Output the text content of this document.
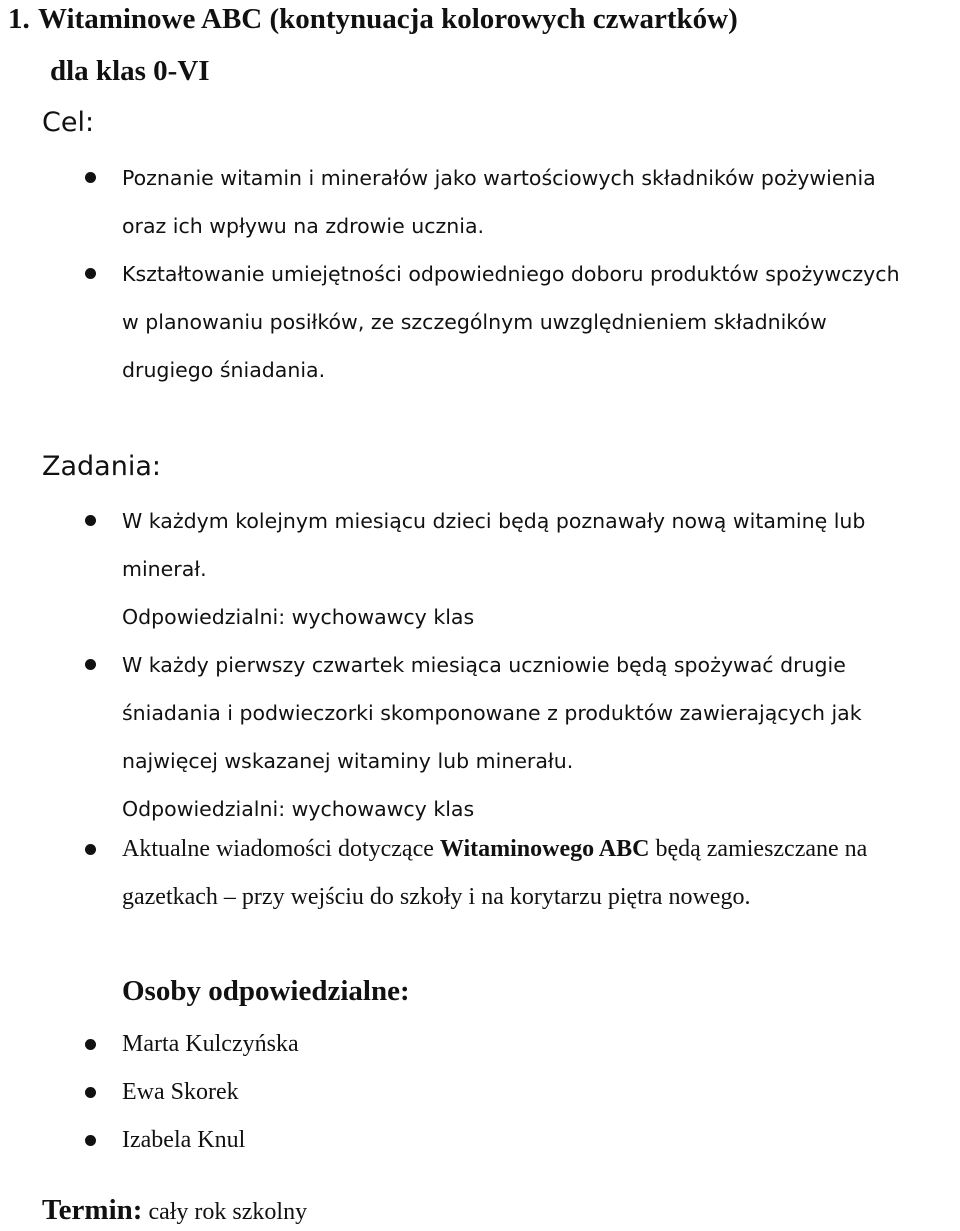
1. Witaminowe ABC (kontynuacja kolorowych czwartków)
dla klas 0-VI
Cel:
Poznanie witamin i minerałów jako wartościowych składników pożywienia
oraz ich wpływu na zdrowie ucznia.
Kształtowanie umiejętności odpowiedniego doboru produktów spożywczych
w planowaniu posiłków, ze szczególnym uwzględnieniem składników
drugiego śniadania.
Zadania:
W każdym kolejnym miesiącu dzieci będą poznawały nową witaminę lub
minerał.
Odpowiedzialni: wychowawcy klas
W każdy pierwszy czwartek miesiąca uczniowie będą spożywać drugie
śniadania i podwieczorki skomponowane z produktów zawierających jak
najwięcej wskazanej witaminy lub minerału.
Odpowiedzialni: wychowawcy klas
Aktualne wiadomości dotyczące Witaminowego ABC będą zamieszczane na
gazetkach – przy wejściu do szkoły i na korytarzu piętra nowego.
Osoby odpowiedzialne:
Marta Kulczyńska
Ewa Skorek
Izabela Knul
Termin: cały rok szkolny
